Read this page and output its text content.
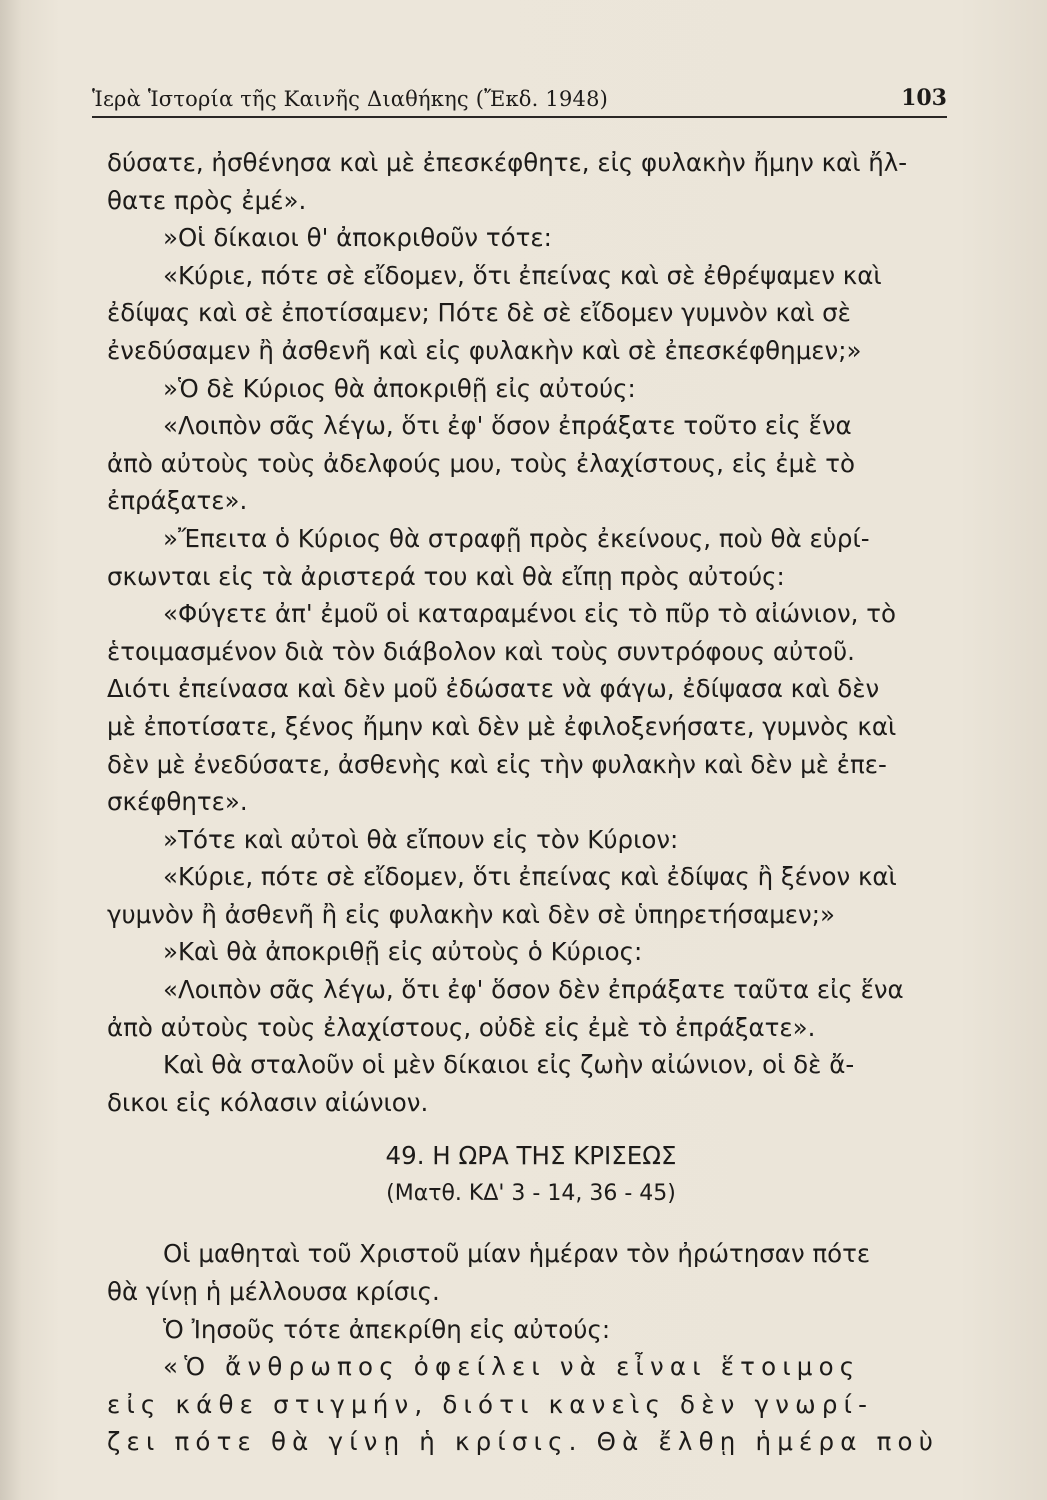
Ἱερὰ Ἱστορία τῆς Καινῆς Διαθήκης (Ἔκδ. 1948)	103
δύσατε, ἠσθένησα καὶ μὲ ἐπεσκέφθητε, εἰς φυλακὴν ἤμην καὶ ἤλ-
θατε πρὸς ἐμέ».
»Οἱ δίκαιοι θ' ἀποκριθοῦν τότε:
«Κύριε, πότε σὲ εἴδομεν, ὅτι ἐπείνας καὶ σὲ ἐθρέψαμεν καὶ
ἐδίψας καὶ σὲ ἐποτίσαμεν; Πότε δὲ σὲ εἴδομεν γυμνὸν καὶ σὲ
ἐνεδύσαμεν ἢ ἀσθενῆ καὶ εἰς φυλακὴν καὶ σὲ ἐπεσκέφθημεν;»
»Ὁ δὲ Κύριος θὰ ἀποκριθῇ εἰς αὐτούς:
«Λοιπὸν σᾶς λέγω, ὅτι ἐφ' ὅσον ἐπράξατε τοῦτο εἰς ἕνα
ἀπὸ αὐτοὺς τοὺς ἀδελφούς μου, τοὺς ἐλαχίστους, εἰς ἐμὲ τὸ
ἐπράξατε».
»Ἔπειτα ὁ Κύριος θὰ στραφῇ πρὸς ἐκείνους, ποὺ θὰ εὑρί-
σκωνται εἰς τὰ ἀριστερά του καὶ θὰ εἴπῃ πρὸς αὐτούς:
«Φύγετε ἀπ' ἐμοῦ οἱ καταραμένοι εἰς τὸ πῦρ τὸ αἰώνιον, τὸ
ἑτοιμασμένον διὰ τὸν διάβολον καὶ τοὺς συντρόφους αὐτοῦ.
Διότι ἐπείνασα καὶ δὲν μοῦ ἐδώσατε νὰ φάγω, ἐδίψασα καὶ δὲν
μὲ ἐποτίσατε, ξένος ἤμην καὶ δὲν μὲ ἐφιλοξενήσατε, γυμνὸς καὶ
δὲν μὲ ἐνεδύσατε, ἀσθενὴς καὶ εἰς τὴν φυλακὴν καὶ δὲν μὲ ἐπε-
σκέφθητε».
»Τότε καὶ αὐτοὶ θὰ εἴπουν εἰς τὸν Κύριον:
«Κύριε, πότε σὲ εἴδομεν, ὅτι ἐπείνας καὶ ἐδίψας ἢ ξένον καὶ
γυμνὸν ἢ ἀσθενῆ ἢ εἰς φυλακὴν καὶ δὲν σὲ ὑπηρετήσαμεν;»
»Καὶ θὰ ἀποκριθῇ εἰς αὐτοὺς ὁ Κύριος:
«Λοιπὸν σᾶς λέγω, ὅτι ἐφ' ὅσον δὲν ἐπράξατε ταῦτα εἰς ἕνα
ἀπὸ αὐτοὺς τοὺς ἐλαχίστους, οὐδὲ εἰς ἐμὲ τὸ ἐπράξατε».
Καὶ θὰ σταλοῦν οἱ μὲν δίκαιοι εἰς ζωὴν αἰώνιον, οἱ δὲ ἄ-
δικοι εἰς κόλασιν αἰώνιον.
49. Η ΩΡΑ ΤΗΣ ΚΡΙΣΕΩΣ
(Ματθ. ΚΔ' 3 - 14, 36 - 45)
Οἱ μαθηταὶ τοῦ Χριστοῦ μίαν ἡμέραν τὸν ἠρώτησαν πότε
θὰ γίνῃ ἡ μέλλουσα κρίσις.
Ὁ Ἰησοῦς τότε ἀπεκρίθη εἰς αὐτούς:
«Ὁ ἄνθρωπος ὀφείλει νὰ εἶναι ἕτοιμος
εἰς κάθε στιγμήν, διότι κανεὶς δὲν γνωρί-
ζει πότε θὰ γίνῃ ἡ κρίσις. Θὰ ἔλθῃ ἡμέρα ποὺ
